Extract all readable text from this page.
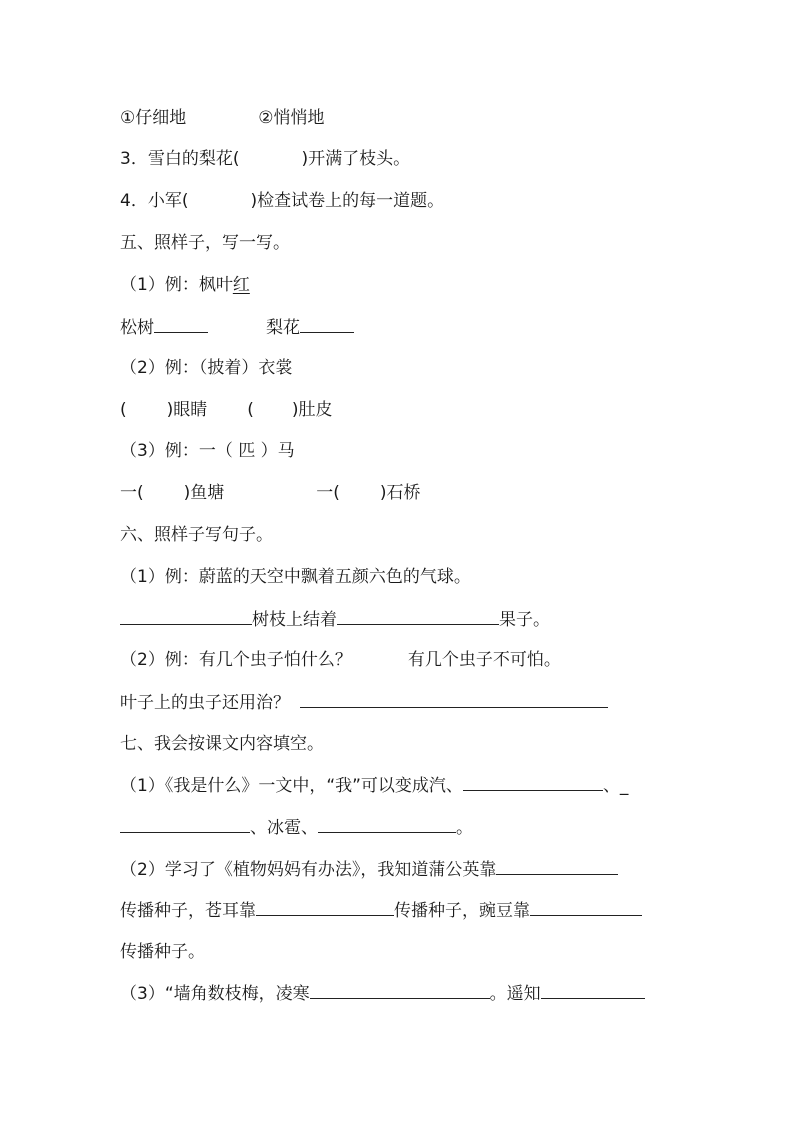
①仔细地	②悄悄地
3．雪白的梨花(	)开满了枝头。
4．小军(	)检查试卷上的每一道题。
五、照样子，写一写。
（1）例：枫叶红
松树	梨花
（2）例：（披着）衣裳
( )眼睛 ( )肚皮
（3）例：一（ 匹 ）马
一( )鱼塘	一( )石桥
六、照样子写句子。
（1）例：蔚蓝的天空中飘着五颜六色的气球。
树枝上结着	果子。
（2）例：有几个虫子怕什么？	有几个虫子不可怕。
叶子上的虫子还用治？
七、我会按课文内容填空。
（1）《我是什么》一文中，“我”可以变成汽、	、_
、冰雹、	。
（2）学习了《植物妈妈有办法》，我知道蒲公英靠
传播种子，苍耳靠	传播种子，豌豆靠
传播种子。
（3）“墙角数枝梅，凌寒	。遥知
